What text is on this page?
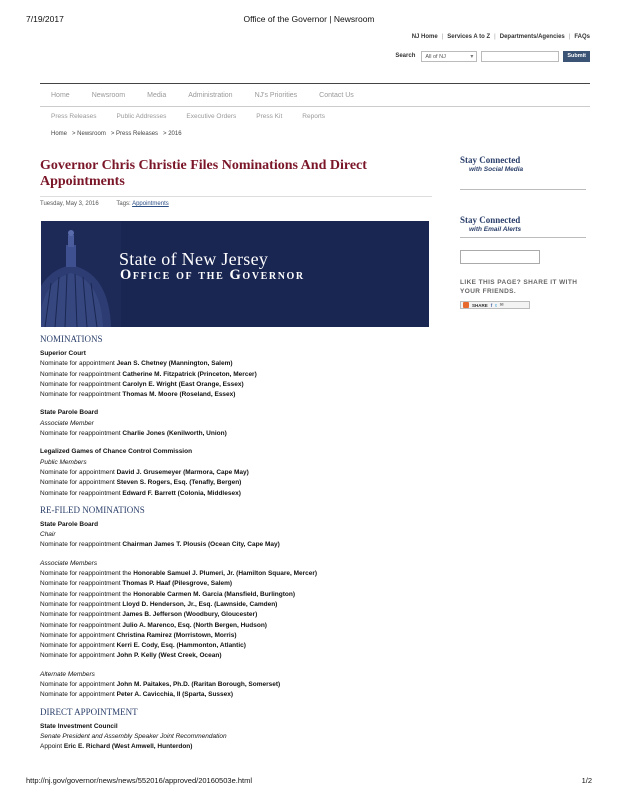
7/19/2017	Office of the Governor | Newsroom
NJ Home | Services A to Z | Departments/Agencies | FAQs
Search	All of NJ	▾	Submit
Home	Newsroom	Media	Administration	NJ's Priorities	Contact Us
Press Releases	Public Addresses	Executive Orders	Press Kit	Reports
Home   > Newsroom   > Press Releases   > 2016
Governor Chris Christie Files Nominations And Direct Appointments
Tuesday, May 3, 2016	Tags: Appointments
State of New Jersey
Office of the Governor
Stay Connected
with Social Media
Stay Connected
with Email Alerts
LIKE THIS PAGE? SHARE IT WITH YOUR FRIENDS.
SHARE f t ✉
NOMINATIONS
Superior Court
Nominate for appointment Jean S. Chetney (Mannington, Salem)
Nominate for reappointment Catherine M. Fitzpatrick (Princeton, Mercer)
Nominate for reappointment Carolyn E. Wright (East Orange, Essex)
Nominate for reappointment Thomas M. Moore (Roseland, Essex)
State Parole Board
Associate Member
Nominate for reappointment Charlie Jones (Kenilworth, Union)
Legalized Games of Chance Control Commission
Public Members
Nominate for appointment David J. Grusemeyer (Marmora, Cape May)
Nominate for appointment Steven S. Rogers, Esq. (Tenafly, Bergen)
Nominate for reappointment Edward F. Barrett (Colonia, Middlesex)
RE-FILED NOMINATIONS
State Parole Board
Chair
Nominate for reappointment Chairman James T. Plousis (Ocean City, Cape May)
Associate Members
Nominate for reappointment the Honorable Samuel J. Plumeri, Jr. (Hamilton Square, Mercer)
Nominate for reappointment Thomas P. Haaf (Pilesgrove, Salem)
Nominate for reappointment the Honorable Carmen M. Garcia (Mansfield, Burlington)
Nominate for reappointment Lloyd D. Henderson, Jr., Esq. (Lawnside, Camden)
Nominate for reappointment James B. Jefferson (Woodbury, Gloucester)
Nominate for reappointment Julio A. Marenco, Esq. (North Bergen, Hudson)
Nominate for appointment Christina Ramirez (Morristown, Morris)
Nominate for appointment Kerri E. Cody, Esq. (Hammonton, Atlantic)
Nominate for appointment John P. Kelly (West Creek, Ocean)
Alternate Members
Nominate for appointment John M. Paitakes, Ph.D. (Raritan Borough, Somerset)
Nominate for appointment Peter A. Cavicchia, II (Sparta, Sussex)
DIRECT APPOINTMENT
State Investment Council
Senate President and Assembly Speaker Joint Recommendation
Appoint Eric E. Richard (West Amwell, Hunterdon)
http://nj.gov/governor/news/news/552016/approved/20160503e.html	1/2
